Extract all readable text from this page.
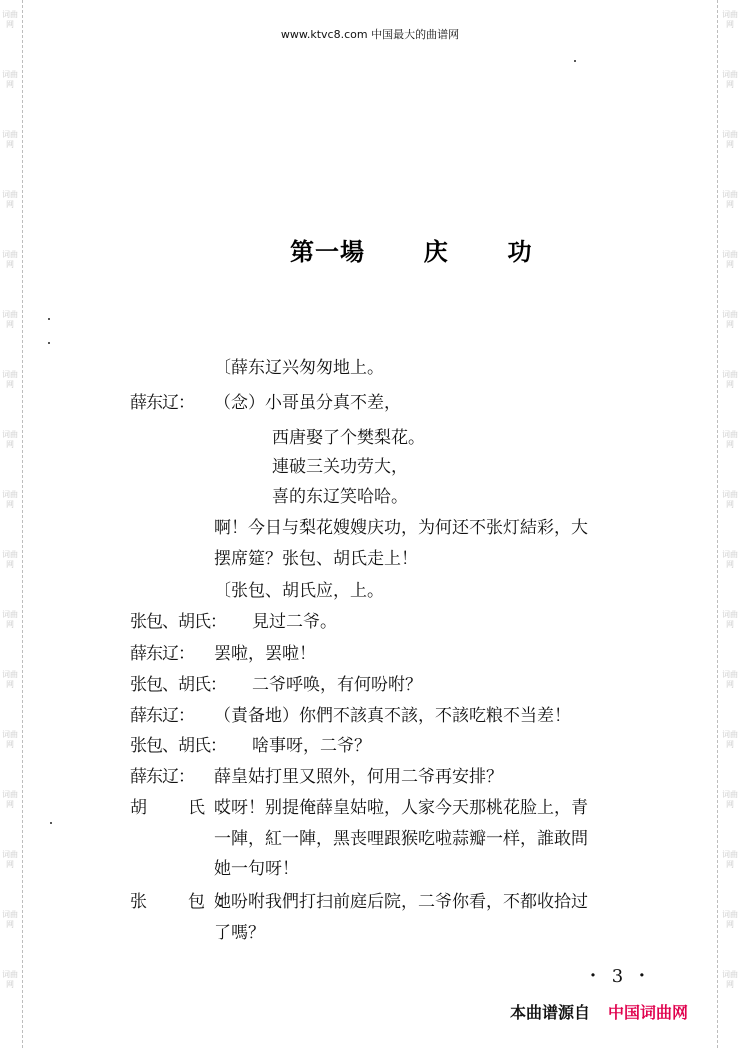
词曲网
词曲网
词曲网
词曲网
词曲网
词曲网
词曲网
词曲网
词曲网
词曲网
词曲网
词曲网
词曲网
词曲网
词曲网
词曲网
词曲网
词曲网
词曲网
词曲网
词曲网
词曲网
词曲网
词曲网
词曲网
词曲网
词曲网
词曲网
词曲网
词曲网
词曲网
词曲网
词曲网
词曲网
www.ktvc8.com 中国最大的曲谱网
第一場 庆 功
〔薛东辽兴匆匆地上。
薛东辽： （念）小哥虽分真不差，
西唐娶了个樊梨花。
連破三关功劳大，
喜的东辽笑哈哈。
啊！今日与梨花嫂嫂庆功，为何还不张灯結彩，大
摆席筵？张包、胡氏走上！
〔张包、胡氏应，上。
张包、胡氏： 見过二爷。
薛东辽： 罢啦，罢啦！
张包、胡氏： 二爷呼唤，有何吩咐？
薛东辽： （責备地）你們不該真不該，不該吃粮不当差！
张包、胡氏： 啥事呀，二爷？
薛东辽： 薛皇姑打里又照外，何用二爷再安排？
胡　氏：
哎呀！别提俺薛皇姑啦，人家今天那桃花脸上，青
一陣，紅一陣，黑丧哩跟猴吃啦蒜瓣一样，誰敢問
她一句呀！
张　包：
她吩咐我們打扫前庭后院，二爷你看，不都收拾过
了嗎？
・ 3 ・
本曲谱源自 中国词曲网
